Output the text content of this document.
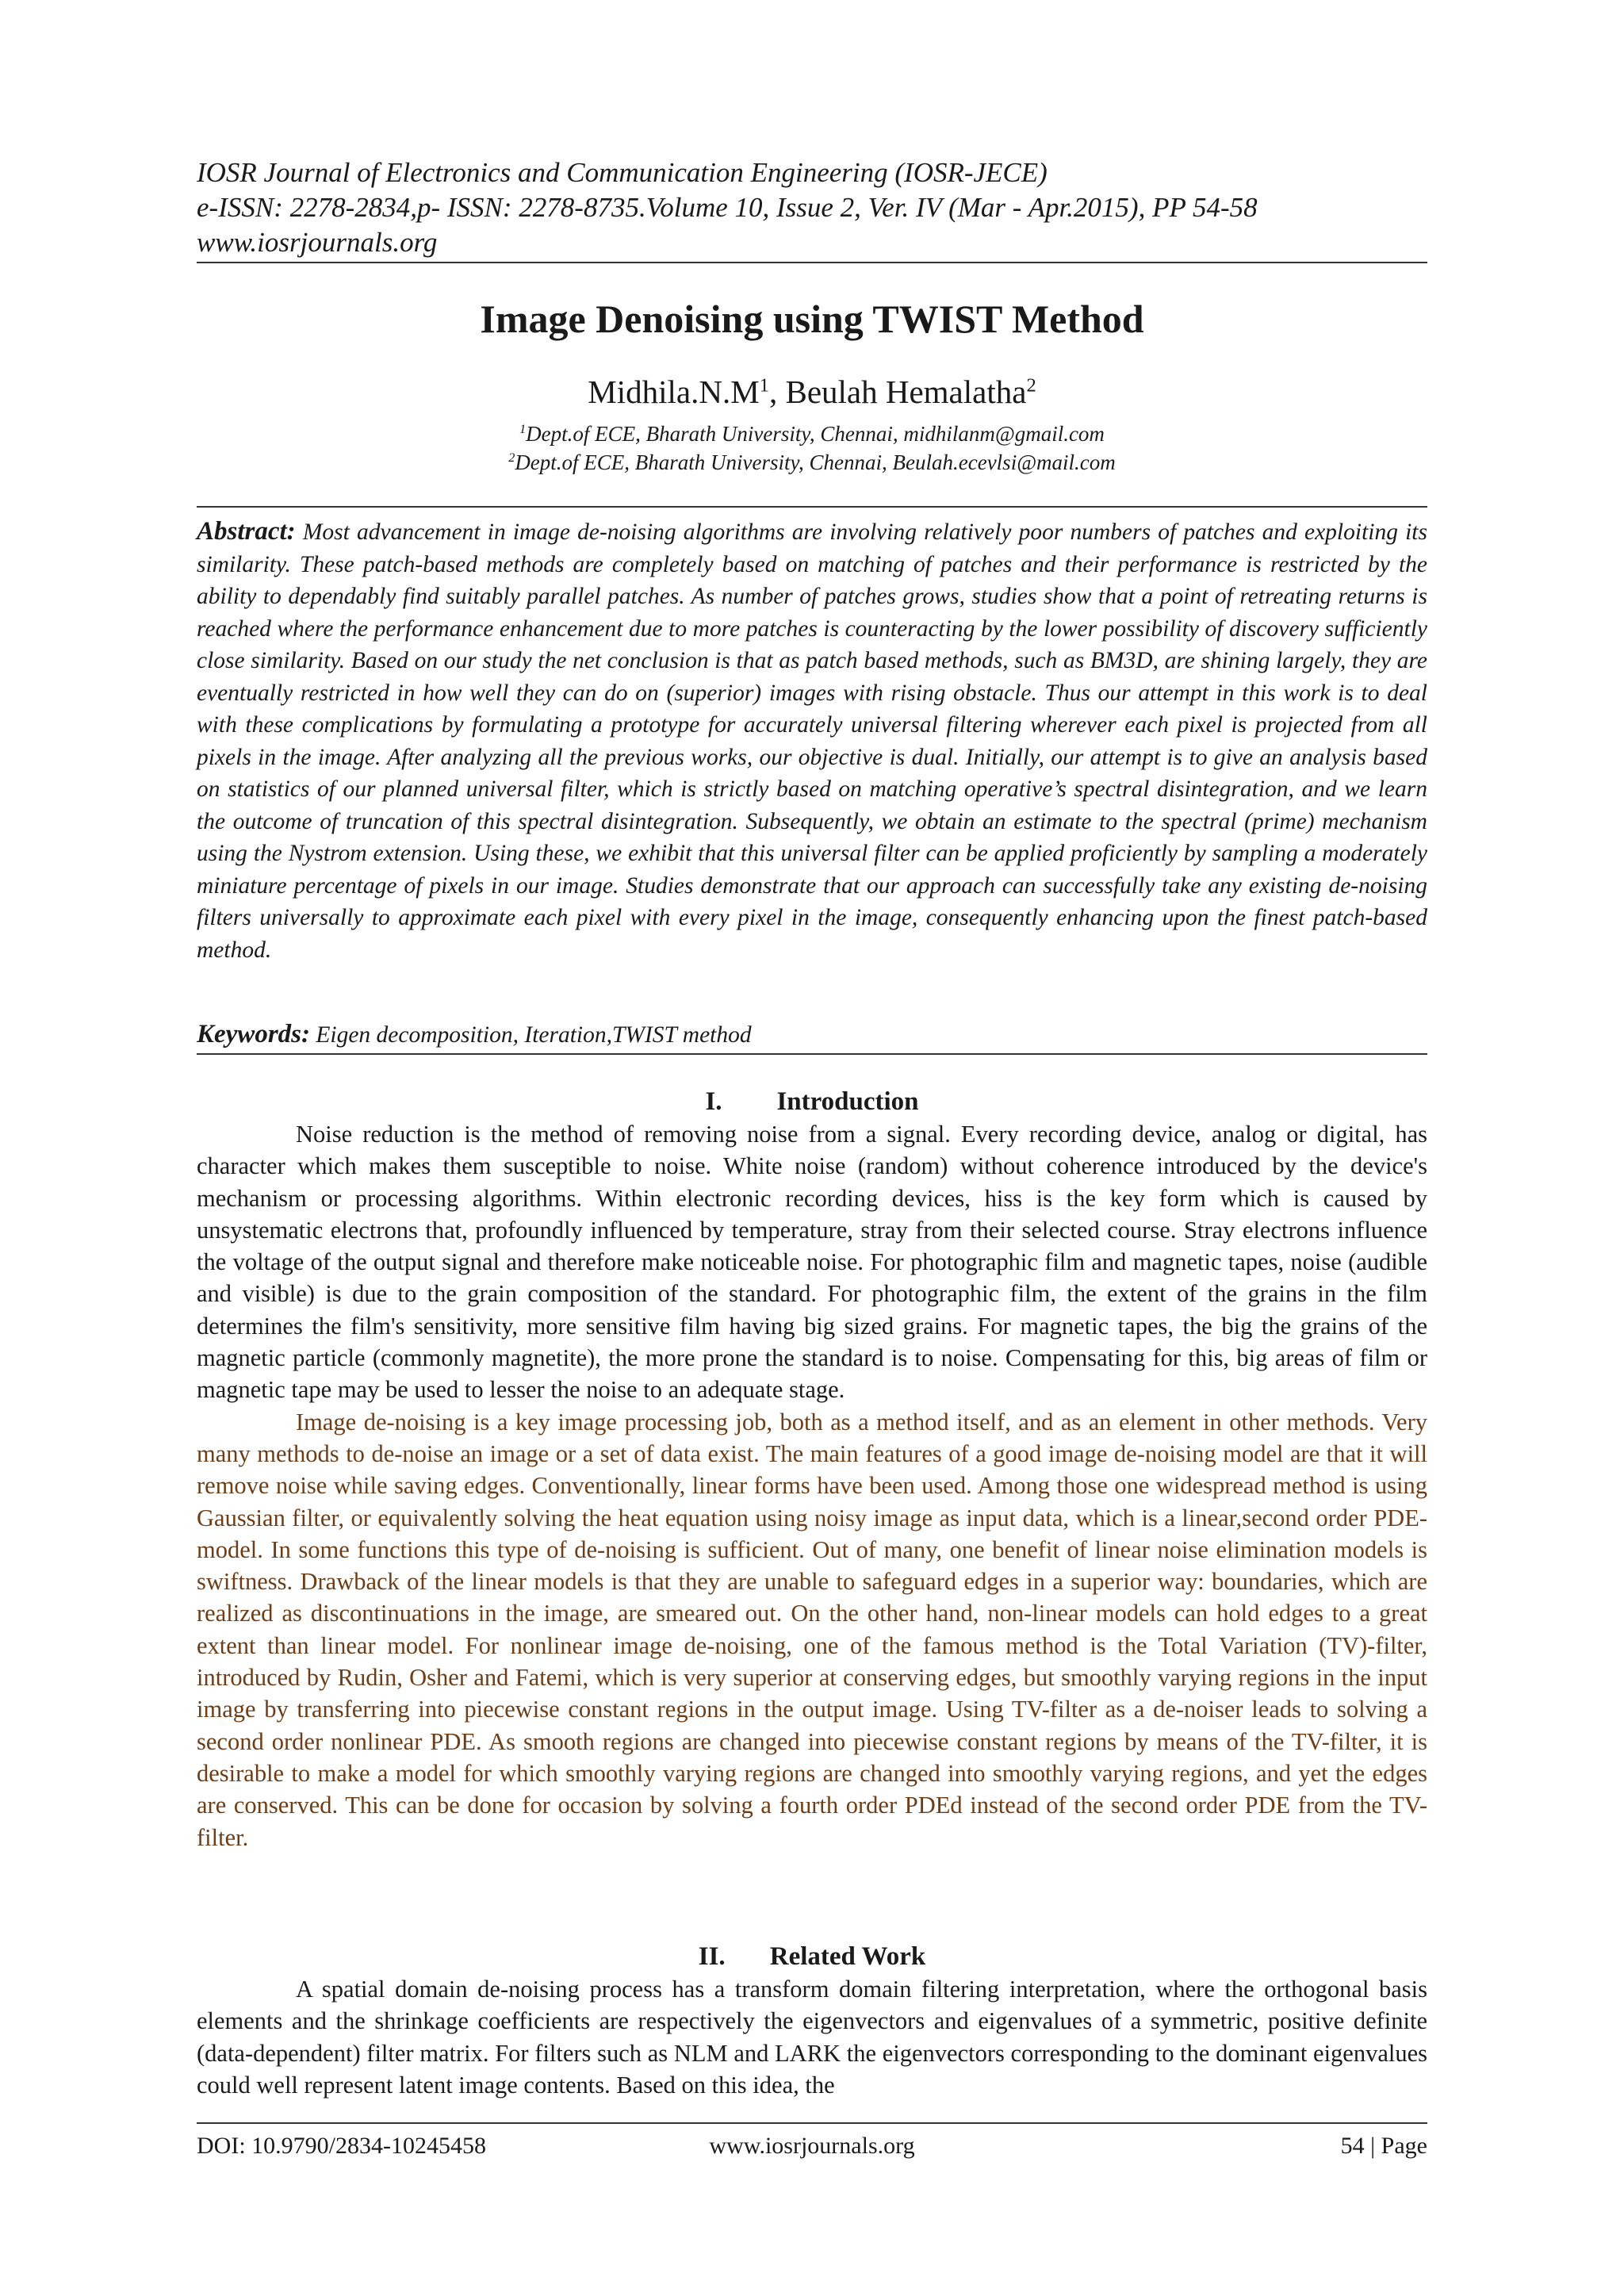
IOSR Journal of Electronics and Communication Engineering (IOSR-JECE)
e-ISSN: 2278-2834,p- ISSN: 2278-8735.Volume 10, Issue 2, Ver. IV (Mar - Apr.2015), PP 54-58
www.iosrjournals.org
Image Denoising using TWIST Method
$Midhila.N.M^1$, Beulah Hemalatha$^2$
$^1$Dept.of ECE, Bharath University, Chennai, midhilanm@gmail.com
$^2$Dept.of ECE, Bharath University, Chennai, Beulah.ecevlsi@mail.com
Abstract: Most advancement in image de-noising algorithms are involving relatively poor numbers of patches and exploiting its similarity. These patch-based methods are completely based on matching of patches and their performance is restricted by the ability to dependably find suitably parallel patches. As number of patches grows, studies show that a point of retreating returns is reached where the performance enhancement due to more patches is counteracting by the lower possibility of discovery sufficiently close similarity. Based on our study the net conclusion is that as patch based methods, such as BM3D, are shining largely, they are eventually restricted in how well they can do on (superior) images with rising obstacle. Thus our attempt in this work is to deal with these complications by formulating a prototype for accurately universal filtering wherever each pixel is projected from all pixels in the image. After analyzing all the previous works, our objective is dual. Initially, our attempt is to give an analysis based on statistics of our planned universal filter, which is strictly based on matching operative’s spectral disintegration, and we learn the outcome of truncation of this spectral disintegration. Subsequently, we obtain an estimate to the spectral (prime) mechanism using the Nystrom extension. Using these, we exhibit that this universal filter can be applied proficiently by sampling a moderately miniature percentage of pixels in our image. Studies demonstrate that our approach can successfully take any existing de-noising filters universally to approximate each pixel with every pixel in the image, consequently enhancing upon the finest patch-based method.
Keywords: Eigen decomposition, Iteration,TWIST method
I. Introduction

Noise reduction is the method of removing noise from a signal. Every recording device, analog or digital, has character which makes them susceptible to noise. White noise (random) without coherence introduced by the device's mechanism or processing algorithms. Within electronic recording devices, hiss is the key form which is caused by unsystematic electrons that, profoundly influenced by temperature, stray from their selected course. Stray electrons influence the voltage of the output signal and therefore make noticeable noise. For photographic film and magnetic tapes, noise (audible and visible) is due to the grain composition of the standard. For photographic film, the extent of the grains in the film determines the film's sensitivity, more sensitive film having big sized grains. For magnetic tapes, the big the grains of the magnetic particle (commonly magnetite), the more prone the standard is to noise. Compensating for this, big areas of film or magnetic tape may be used to lesser the noise to an adequate stage.

Image de-noising is a key image processing job, both as a method itself, and as an element in other methods. Very many methods to de-noise an image or a set of data exist. The main features of a good image de-noising model are that it will remove noise while saving edges. Conventionally, linear forms have been used. Among those one widespread method is using Gaussian filter, or equivalently solving the heat equation using noisy image as input data, which is a linear,second order PDE-model. In some functions this type of de-noising is sufficient. Out of many, one benefit of linear noise elimination models is swiftness. Drawback of the linear models is that they are unable to safeguard edges in a superior way: boundaries, which are realized as discontinuations in the image, are smeared out. On the other hand, non-linear models can hold edges to a great extent than linear model. For nonlinear image de-noising, one of the famous method is the Total Variation (TV)-filter, introduced by Rudin, Osher and Fatemi, which is very superior at conserving edges, but smoothly varying regions in the input image by transferring into piecewise constant regions in the output image. Using TV-filter as a de-noiser leads to solving a second order nonlinear PDE. As smooth regions are changed into piecewise constant regions by means of the TV-filter, it is desirable to make a model for which smoothly varying regions are changed into smoothly varying regions, and yet the edges are conserved. This can be done for occasion by solving a fourth order PDEd instead of the second order PDE from the TV-filter.

II. Related Work

A spatial domain de-noising process has a transform domain filtering interpretation, where the orthogonal basis elements and the shrinkage coefficients are respectively the eigenvectors and eigenvalues of a symmetric, positive definite (data-dependent) filter matrix. For filters such as NLM and LARK the eigenvectors corresponding to the dominant eigenvalues could well represent latent image contents. Based on this idea, the

www.iosrjournals.org
DOI: 10.9790/2834-10245458	54 | Page
